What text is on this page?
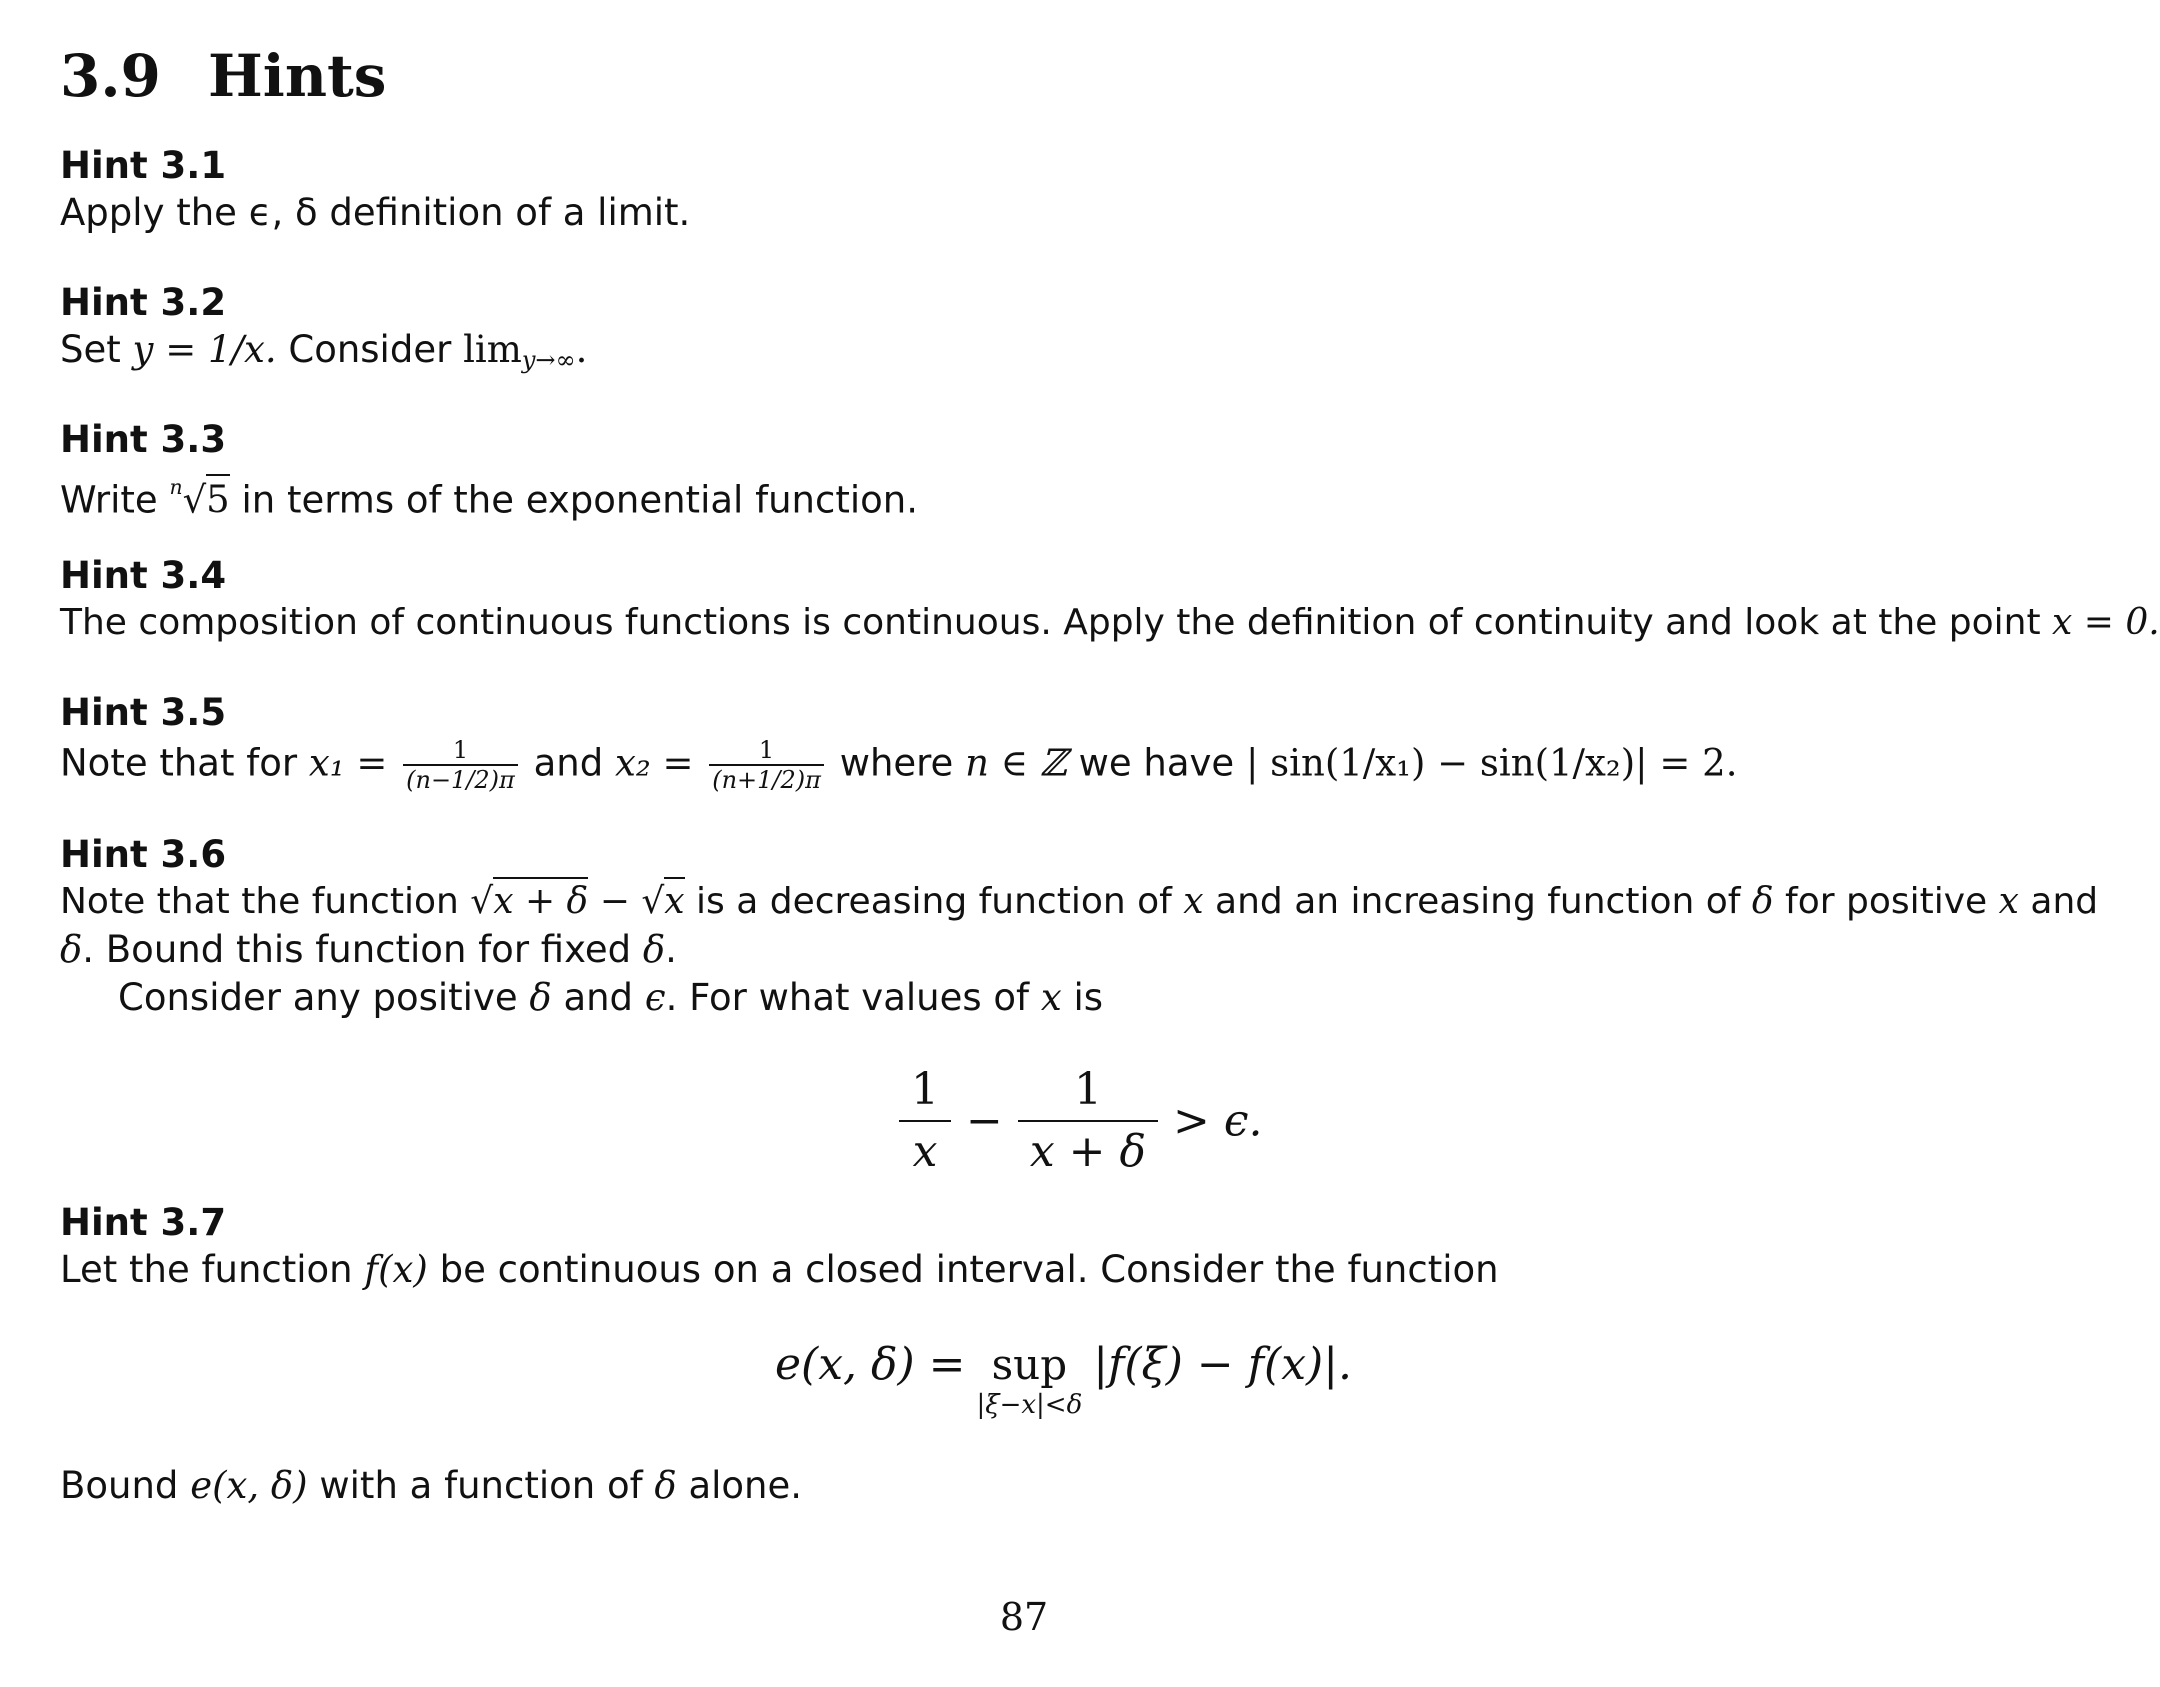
3.9 Hints
Hint 3.1
Apply the ϵ, δ definition of a limit.
Hint 3.2
Set y = 1/x. Consider $\lim_{y\to\infty}$.
Hint 3.3
Write $^n$√5 in terms of the exponential function.
Hint 3.4
The composition of continuous functions is continuous. Apply the definition of continuity and look at the point x = 0.
Hint 3.5
Note that for $x_1 = \frac{1}{(n-1/2)\pi}$ and $x_2 = \frac{1}{(n+1/2)\pi}$ where n ∈ ℤ we have | sin(1/x₁) − sin(1/x₂)| = 2.
Hint 3.6
Note that the function √x + δ − √x is a decreasing function of x and an increasing function of δ for positive x and
δ. Bound this function for fixed δ.
Consider any positive δ and ϵ. For what values of x is
$\frac{1}{x} - \frac{1}{x + \delta} > \epsilon$.
Hint 3.7
Let the function f(x) be continuous on a closed interval. Consider the function
e(x, δ) = sup
|ξ−x|<δ
|f(ξ) − f(x)|.
Bound e(x, δ) with a function of δ alone.
87
